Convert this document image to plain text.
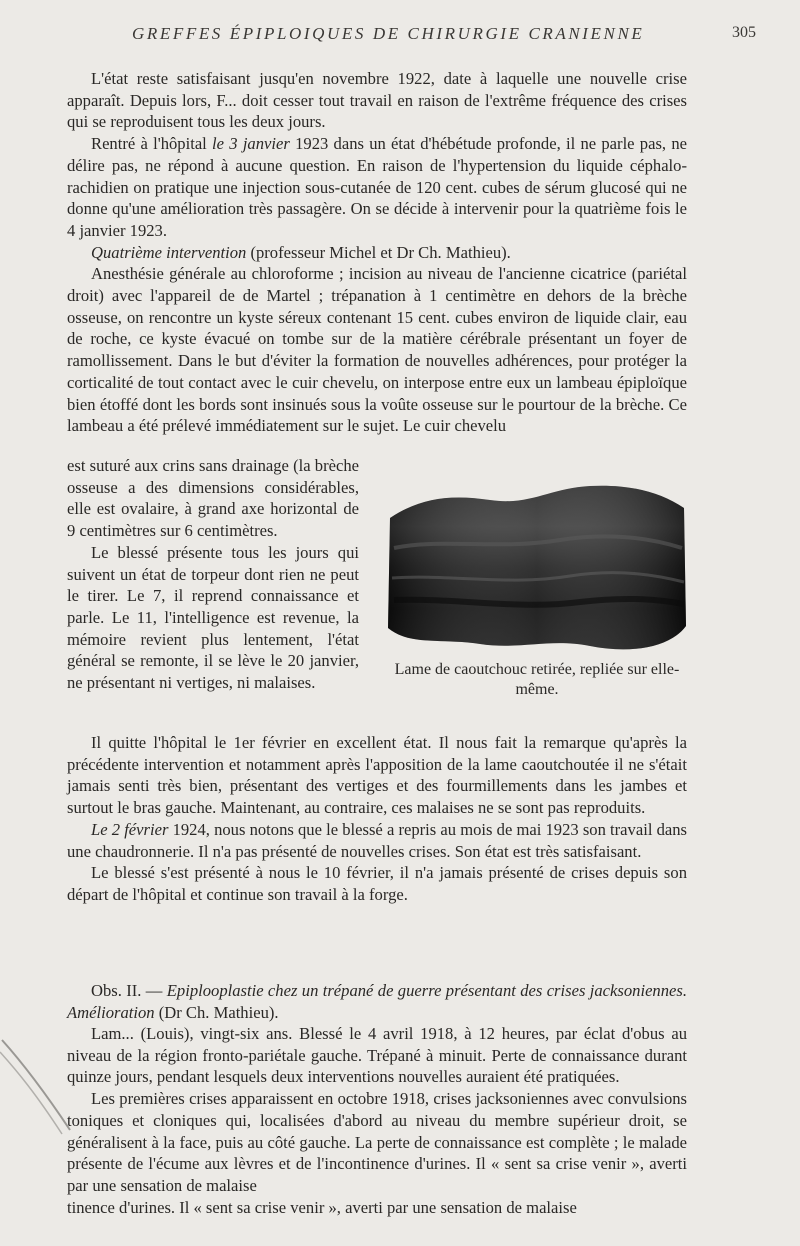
GREFFES ÉPIPLOIQUES DE CHIRURGIE CRANIENNE	305

L'état reste satisfaisant jusqu'en novembre 1922, date à laquelle une nouvelle crise apparaît. Depuis lors, F... doit cesser tout travail en raison de l'extrême fréquence des crises qui se reproduisent tous les deux jours.

Rentré à l'hôpital le 3 janvier 1923 dans un état d'hébétude profonde, il ne parle pas, ne délire pas, ne répond à aucune question. En raison de l'hypertension du liquide céphalo-rachidien on pratique une injection sous-cutanée de 120 cent. cubes de sérum glucosé qui ne donne qu'une amélioration très passagère. On se décide à intervenir pour la quatrième fois le 4 janvier 1923.

Quatrième intervention (professeur Michel et Dr Ch. Mathieu).

Anesthésie générale au chloroforme ; incision au niveau de l'ancienne cicatrice (pariétal droit) avec l'appareil de de Martel ; trépanation à 1 centimètre en dehors de la brèche osseuse, on rencontre un kyste séreux contenant 15 cent. cubes environ de liquide clair, eau de roche, ce kyste évacué on tombe sur de la matière cérébrale présentant un foyer de ramollissement. Dans le but d'éviter la formation de nouvelles adhérences, pour protéger la corticalité de tout contact avec le cuir chevelu, on interpose entre eux un lambeau épiploïque bien étoffé dont les bords sont insinués sous la voûte osseuse sur le pourtour de la brèche. Ce lambeau a été prélevé immédiatement sur le sujet. Le cuir chevelu

est suturé aux crins sans drainage (la brèche osseuse a des dimensions considérables, elle est ovalaire, à grand axe horizontal de 9 centimètres sur 6 centimètres.

Le blessé présente tous les jours qui suivent un état de torpeur dont rien ne peut le tirer. Le 7, il reprend connaissance et parle. Le 11, l'intelligence est revenue, la mémoire revient plus lentement, l'état général se remonte, il se lève le 20 janvier, ne présentant ni vertiges, ni malaises.

Lame de caoutchouc retirée, repliée sur elle-même.

Il quitte l'hôpital le 1er février en excellent état. Il nous fait la remarque qu'après la précédente intervention et notamment après l'apposition de la lame caoutchoutée il ne s'était jamais senti très bien, présentant des vertiges et des fourmillements dans les jambes et surtout le bras gauche. Maintenant, au contraire, ces malaises ne se sont pas reproduits.

Le 2 février 1924, nous notons que le blessé a repris au mois de mai 1923 son travail dans une chaudronnerie. Il n'a pas présenté de nouvelles crises. Son état est très satisfaisant.

Le blessé s'est présenté à nous le 10 février, il n'a jamais présenté de crises depuis son départ de l'hôpital et continue son travail à la forge.

Obs. II. — Epiplooplastie chez un trépané de guerre présentant des crises jacksoniennes. Amélioration (Dr Ch. Mathieu).

Lam... (Louis), vingt-six ans. Blessé le 4 avril 1918, à 12 heures, par éclat d'obus au niveau de la région fronto-pariétale gauche. Trépané à minuit. Perte de connaissance durant quinze jours, pendant lesquels deux interventions nouvelles auraient été pratiquées.

Les premières crises apparaissent en octobre 1918, crises jacksoniennes avec convulsions toniques et cloniques qui, localisées d'abord au niveau du membre supérieur droit, se généralisent à la face, puis au côté gauche. La perte de connaissance est complète ; le malade présente de l'écume aux lèvres et de l'incontinence d'urines. Il « sent sa crise venir », averti par une sensation de malaise

tinence d'urines. Il « sent sa crise venir », averti par une sensation de malaise
